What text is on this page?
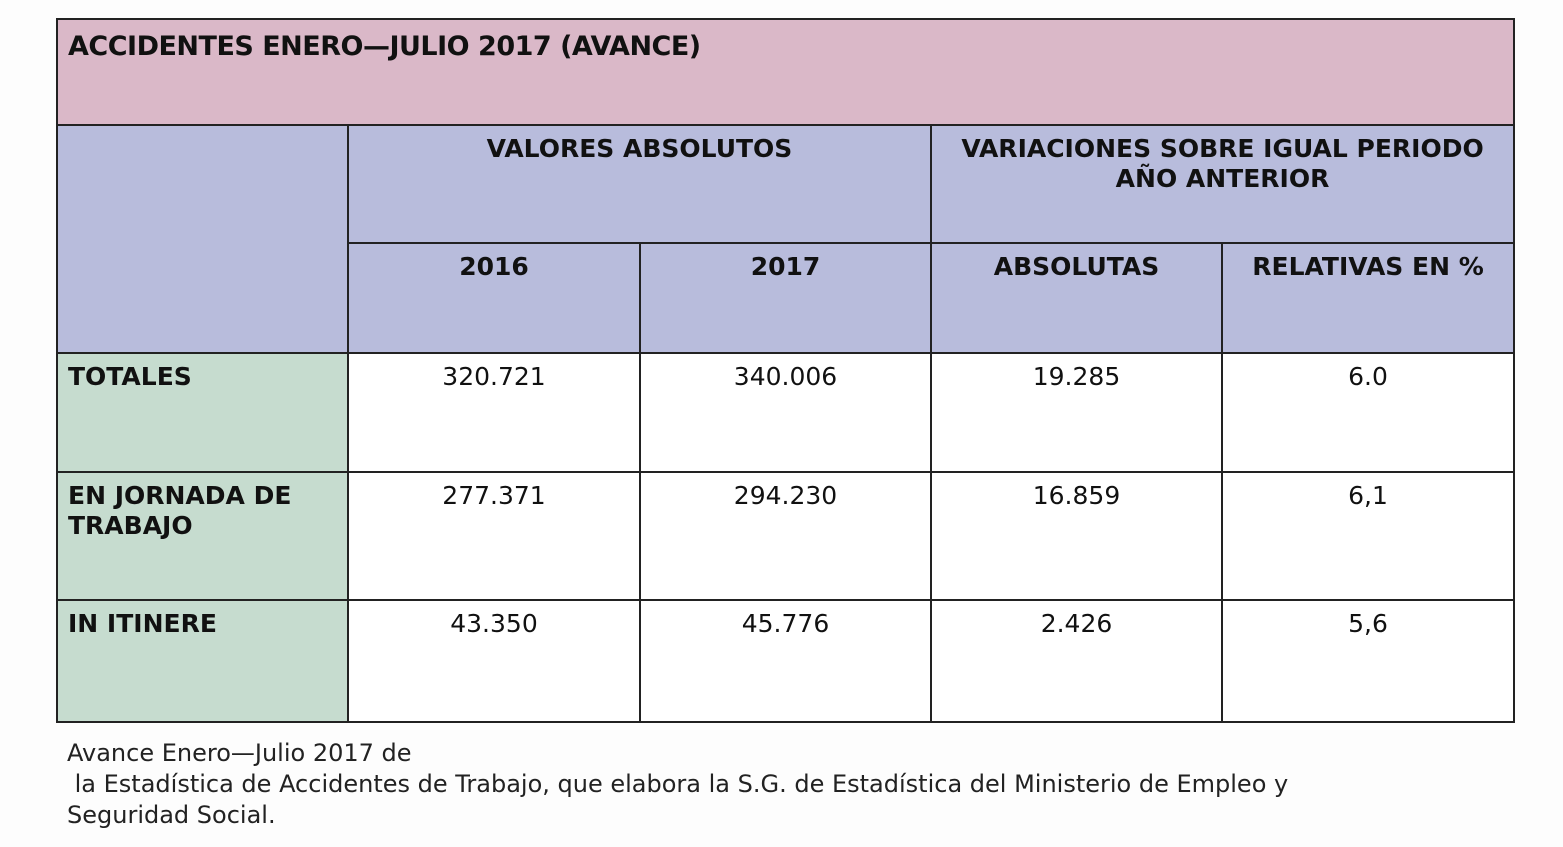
ACCIDENTES ENERO—JULIO 2017 (AVANCE)				
	VALORES ABSOLUTOS		VARIACIONES SOBRE IGUAL PERIODO AÑO ANTERIOR	
	2016	2017	ABSOLUTAS	RELATIVAS EN %
TOTALES	320.721	340.006	19.285	6.0
EN JORNADA DE TRABAJO	277.371	294.230	16.859	6,1
IN ITINERE	43.350	45.776	2.426	5,6
Avance Enero—Julio 2017 de
la Estadística de Accidentes de Trabajo, que elabora la S.G. de Estadística del Ministerio de Empleo y
Seguridad Social.
